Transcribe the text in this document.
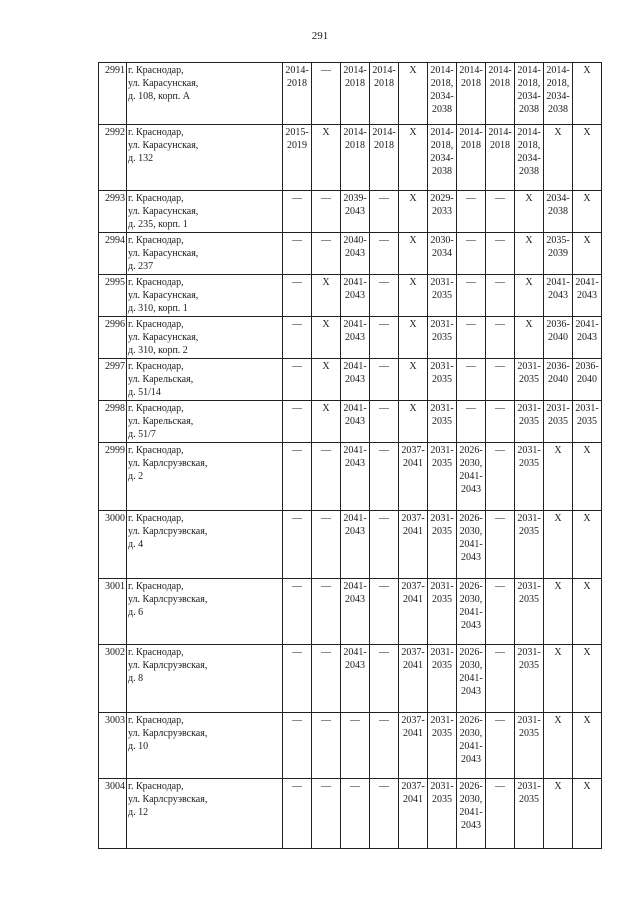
291
2991	г. Краснодар,
ул. Карасунская,
д. 108, корп. А	2014-
2018	—	2014-
2018	2014-
2018	X	2014-
2018,
2034-
2038	2014-
2018	2014-
2018	2014-
2018,
2034-
2038	2014-
2018,
2034-
2038	X

2992	г. Краснодар,
ул. Карасунская,
д. 132	2015-
2019	X	2014-
2018	2014-
2018	X	2014-
2018,
2034-
2038	2014-
2018	2014-
2018	2014-
2018,
2034-
2038	X	X

2993	г. Краснодар,
ул. Карасунская,
д. 235, корп. 1	—	—	2039-
2043	—	X	2029-
2033	—	—	X	2034-
2038	X

2994	г. Краснодар,
ул. Карасунская,
д. 237	—	—	2040-
2043	—	X	2030-
2034	—	—	X	2035-
2039	X

2995	г. Краснодар,
ул. Карасунская,
д. 310, корп. 1	—	X	2041-
2043	—	X	2031-
2035	—	—	X	2041-
2043	2041-
2043

2996	г. Краснодар,
ул. Карасунская,
д. 310, корп. 2	—	X	2041-
2043	—	X	2031-
2035	—	—	X	2036-
2040	2041-
2043

2997	г. Краснодар,
ул. Карельская,
д. 51/14	—	X	2041-
2043	—	X	2031-
2035	—	—	2031-
2035	2036-
2040	2036-
2040

2998	г. Краснодар,
ул. Карельская,
д. 51/7	—	X	2041-
2043	—	X	2031-
2035	—	—	2031-
2035	2031-
2035	2031-
2035

2999	г. Краснодар,
ул. Карлсруэвская,
д. 2	—	—	2041-
2043	—	2037-
2041	2031-
2035	2026-
2030,
2041-
2043	—	2031-
2035	X	X

3000	г. Краснодар,
ул. Карлсруэвская,
д. 4	—	—	2041-
2043	—	2037-
2041	2031-
2035	2026-
2030,
2041-
2043	—	2031-
2035	X	X

3001	г. Краснодар,
ул. Карлсруэвская,
д. 6	—	—	2041-
2043	—	2037-
2041	2031-
2035	2026-
2030,
2041-
2043	—	2031-
2035	X	X

3002	г. Краснодар,
ул. Карлсруэвская,
д. 8	—	—	2041-
2043	—	2037-
2041	2031-
2035	2026-
2030,
2041-
2043	—	2031-
2035	X	X

3003	г. Краснодар,
ул. Карлсруэвская,
д. 10	—	—	—	—	2037-
2041	2031-
2035	2026-
2030,
2041-
2043	—	2031-
2035	X	X

3004	г. Краснодар,
ул. Карлсруэвская,
д. 12	—	—	—	—	2037-
2041	2031-
2035	2026-
2030,
2041-
2043	—	2031-
2035	X	X
